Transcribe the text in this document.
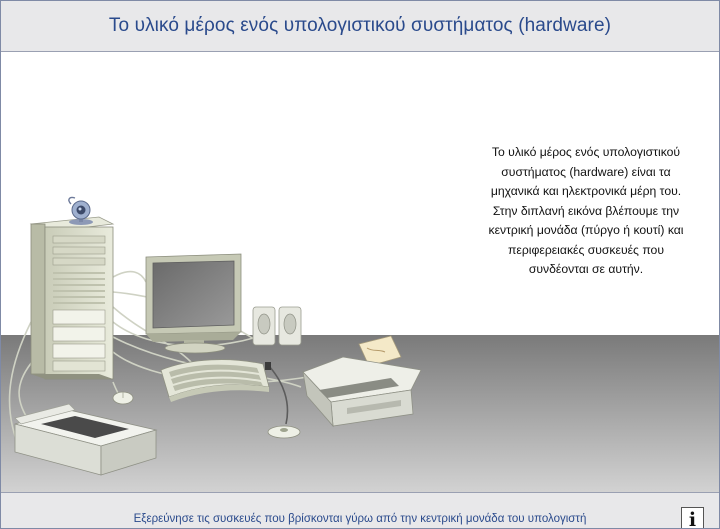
Το υλικό μέρος ενός υπολογιστικού συστήματος (hardware)
Το υλικό μέρος ενός υπολογιστικού
συστήματος (hardware) είναι τα
μηχανικά και ηλεκτρονικά μέρη του.
Στην διπλανή εικόνα βλέπουμε την
κεντρική μονάδα (πύργο ή κουτί) και
περιφερειακές συσκευές που
συνδέονται σε αυτήν.
Εξερεύνησε τις συσκευές που βρίσκονται γύρω από την κεντρική μονάδα του υπολογιστή	i
